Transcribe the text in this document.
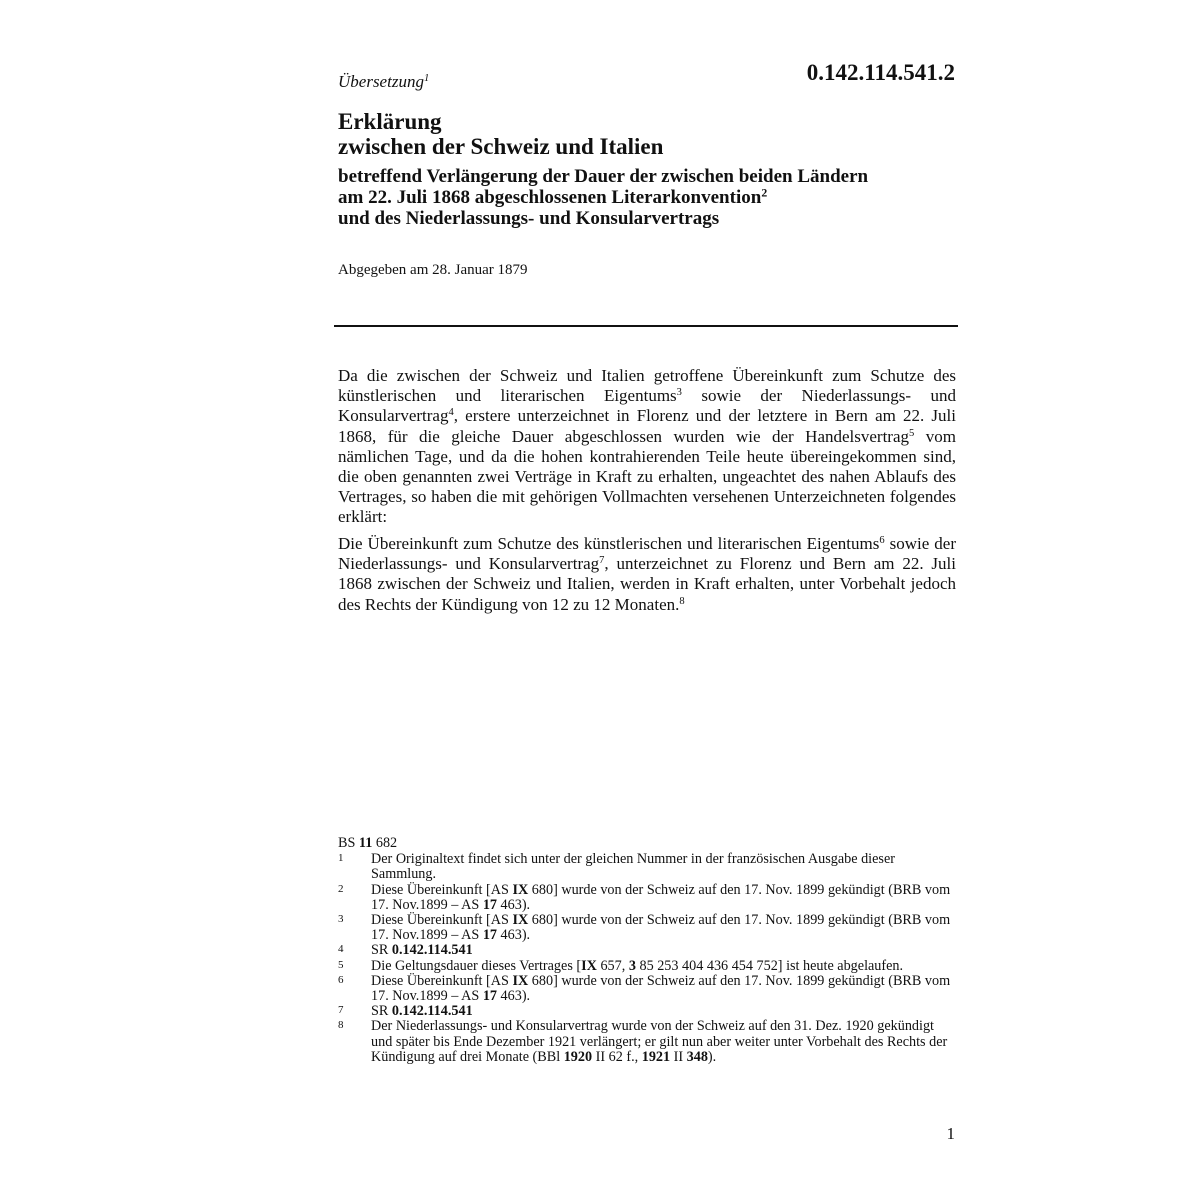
Übersetzung$^1$	0.142.114.541.2
Erklärung
zwischen der Schweiz und Italien
betreffend Verlängerung der Dauer der zwischen beiden Ländern
am 22. Juli 1868 abgeschlossenen Literarkonvention$^2$
und des Niederlassungs- und Konsularvertrags
Abgegeben am 28. Januar 1879
Da die zwischen der Schweiz und Italien getroffene Übereinkunft zum Schutze des künstlerischen und literarischen Eigentums$^3$ sowie der Niederlassungs- und Konsularvertrag$^4$, erstere unterzeichnet in Florenz und der letztere in Bern am 22. Juli 1868, für die gleiche Dauer abgeschlossen wurden wie der Handelsvertrag$^5$ vom nämlichen Tage, und da die hohen kontrahierenden Teile heute übereingekommen sind, die oben genannten zwei Verträge in Kraft zu erhalten, ungeachtet des nahen Ablaufs des Vertrages, so haben die mit gehörigen Vollmachten versehenen Unterzeichneten folgendes erklärt:
Die Übereinkunft zum Schutze des künstlerischen und literarischen Eigentums$^6$ sowie der Niederlassungs- und Konsularvertrag$^7$, unterzeichnet zu Florenz und Bern am 22. Juli 1868 zwischen der Schweiz und Italien, werden in Kraft erhalten, unter Vorbehalt jedoch des Rechts der Kündigung von 12 zu 12 Monaten.$^8$
BS 11 682
1	Der Originaltext findet sich unter der gleichen Nummer in der französischen Ausgabe dieser Sammlung.
2	Diese Übereinkunft [AS IX 680] wurde von der Schweiz auf den 17. Nov. 1899 gekündigt (BRB vom 17. Nov.1899 – AS 17 463).
3	Diese Übereinkunft [AS IX 680] wurde von der Schweiz auf den 17. Nov. 1899 gekündigt (BRB vom 17. Nov.1899 – AS 17 463).
4	SR 0.142.114.541
5	Die Geltungsdauer dieses Vertrages [IX 657, 3 85 253 404 436 454 752] ist heute abgelaufen.
6	Diese Übereinkunft [AS IX 680] wurde von der Schweiz auf den 17. Nov. 1899 gekündigt (BRB vom 17. Nov.1899 – AS 17 463).
7	SR 0.142.114.541
8	Der Niederlassungs- und Konsularvertrag wurde von der Schweiz auf den 31. Dez. 1920 gekündigt und später bis Ende Dezember 1921 verlängert; er gilt nun aber weiter unter Vorbehalt des Rechts der Kündigung auf drei Monate (BBl 1920 II 62 f., 1921 II 348).
1
